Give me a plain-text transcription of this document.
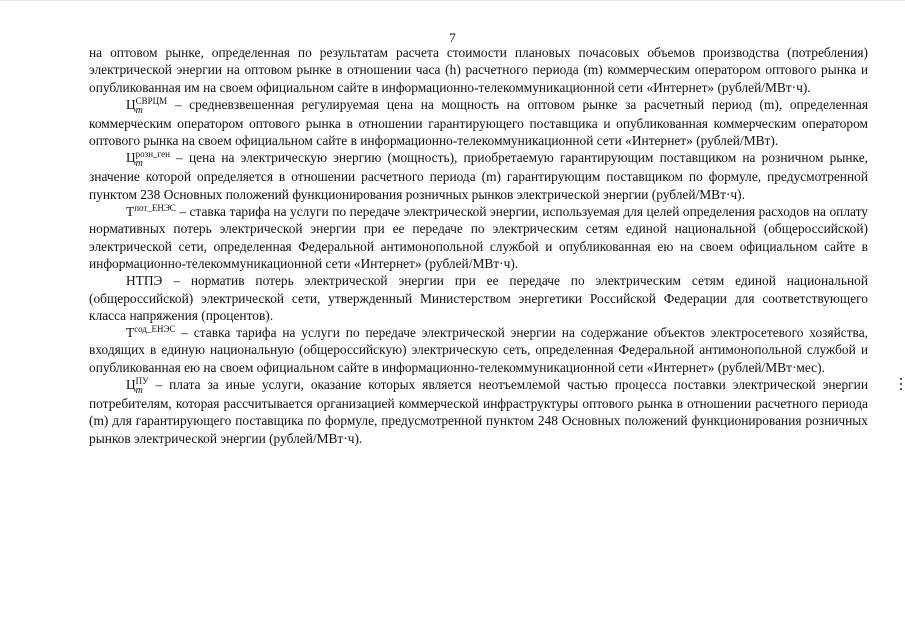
7

на оптовом рынке, определенная по результатам расчета стоимости плановых почасовых объемов производства (потребления) электрической энергии на оптовом рынке в отношении часа (h) расчетного периода (m) коммерческим оператором оптового рынка и опубликованная им на своем официальном сайте в информационно-телекоммуникационной сети «Интернет» (рублей/МВт·ч).

Ц СВРЦМ
m	– средневзвешенная регулируемая цена на мощность на оптовом рынке за расчетный период (m), определенная коммерческим оператором оптового рынка в отношении гарантирующего поставщика и опубликованная коммерческим оператором оптового рынка на своем официальном сайте в информационно-телекоммуникационной сети «Интернет» (рублей/МВт).

Ц розн_ген
m	– цена на электрическую энергию (мощность), приобретаемую гарантирующим поставщиком на розничном рынке, значение которой определяется в отношении расчетного периода (m) гарантирующим поставщиком по формуле, предусмотренной пунктом 238 Основных положений функционирования розничных рынков электрической энергии (рублей/МВт·ч).

$Т^{пот\_ЕНЭС}$ – ставка тарифа на услуги по передаче электрической энергии, используемая для целей определения расходов на оплату нормативных потерь электрической энергии при ее передаче по электрическим сетям единой национальной (общероссийской) электрической сети, определенная Федеральной антимонопольной службой и опубликованная ею на своем официальном сайте в информационно-телекоммуникационной сети «Интернет» (рублей/МВт·ч).

НТПЭ – норматив потерь электрической энергии при ее передаче по электрическим сетям единой национальной (общероссийской) электрической сети, утвержденный Министерством энергетики Российской Федерации для соответствующего класса напряжения (процентов).

$Т^{сод\_ЕНЭС}$ – ставка тарифа на услуги по передаче электрической энергии на содержание объектов электросетевого хозяйства, входящих в единую национальную (общероссийскую) электрическую сеть, определенная Федеральной антимонопольной службой и опубликованная ею на своем официальном сайте в информационно-телекоммуникационной сети «Интернет» (рублей/МВт·мес).

Ц ПУ
m – плата за иные услуги, оказание которых является неотъемлемой частью процесса поставки электрической энергии потребителям, которая рассчитывается организацией коммерческой инфраструктуры оптового рынка в отношении расчетного периода (m) для гарантирующего поставщика по формуле, предусмотренной пунктом 248 Основных положений функционирования розничных рынков электрической энергии (рублей/МВт·ч).
